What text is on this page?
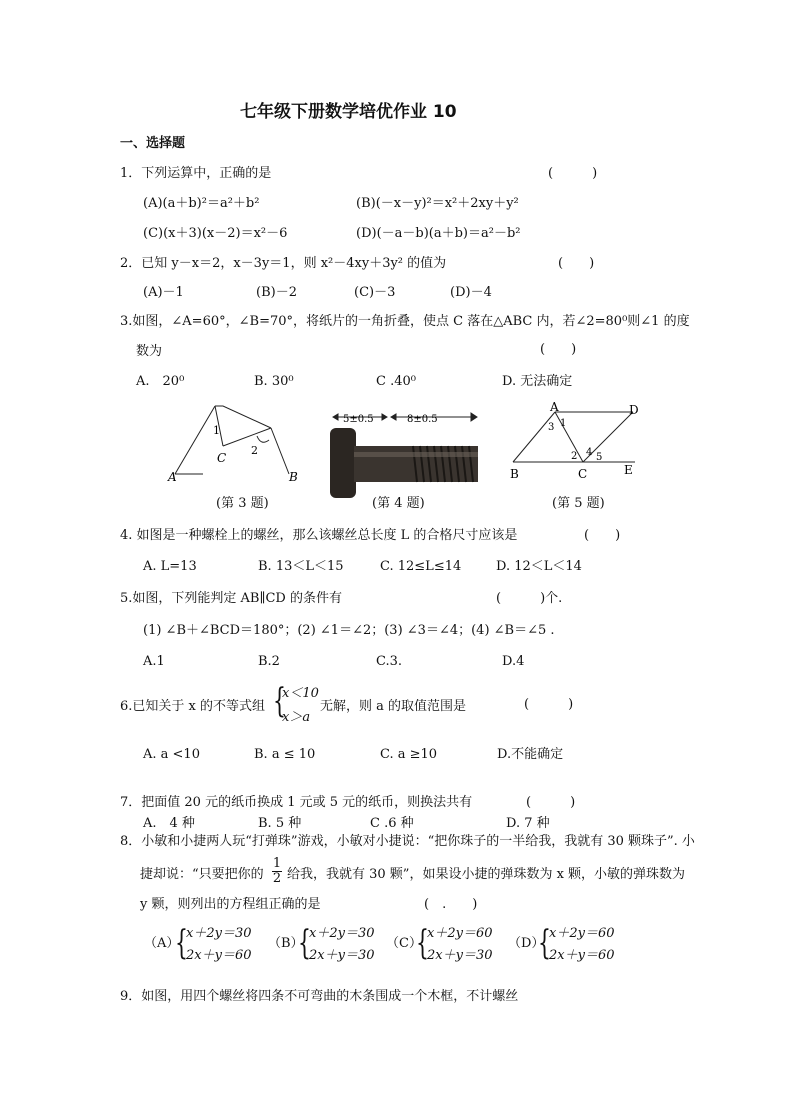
七年级下册数学培优作业 10
一、选择题
1．下列运算中，正确的是	(　　　)
(A)(a＋b)²＝a²＋b²	(B)(－x－y)²＝x²＋2xy＋y²
(C)(x＋3)(x－2)＝x²－6	(D)(－a－b)(a＋b)＝a²－b²
2．已知 y－x＝2，x－3y＝1，则 x²－4xy＋3y² 的值为	(　　)
(A)－1	(B)－2	(C)－3	(D)－4
3.如图，∠A=60°，∠B=70°，将纸片的一角折叠，使点 C 落在△ABC 内，若∠2=80⁰则∠1 的度
数为	(　　)
A.　20⁰	B. 30⁰	C .40⁰	D. 无法确定
1
C
2
A	B
5±0.5	8±0.5
A	D
B	C	E
3 1
2 4 5
(第 3 题)	(第 4 题)	(第 5 题)
4. 如图是一种螺栓上的螺丝，那么该螺丝总长度 L 的合格尺寸应该是	(　　)
A. L=13	B. 13＜L＜15	C. 12≤L≤14	D. 12＜L＜14
5.如图，下列能判定 AB∥CD 的条件有	(　　　)个.
(1) ∠B＋∠BCD＝180°；(2) ∠1＝∠2；(3) ∠3＝∠4；(4) ∠B＝∠5 .
A.1	B.2	C.3.	D.4
6.已知关于 x 的不等式组 {
x＜10
x＞a
无解，则 a 的取值范围是	(　　　)
A. a <10	B. a ≤ 10	C. a ≥10	D.不能确定
7．把面值 20 元的纸币换成 1 元或 5 元的纸币，则换法共有	(　　　)
A.　4 种	B. 5 种	C .6 种	D. 7 种
8．小敏和小捷两人玩“打弹珠”游戏，小敏对小捷说：“把你珠子的一半给我，我就有 30 颗珠子”. 小
捷却说：“只要把你的
1
2 给我，我就有 30 颗”，如果设小捷的弹珠数为 x 颗，小敏的弹珠数为
y 颗，则列出的方程组正确的是	(　.　　)
（A）
{
x＋2y＝30
2x＋y＝60
（B）
{
x＋2y＝30
2x＋y＝30
（C）
{
x＋2y＝60
2x＋y＝30
（D）
{
x＋2y＝60
2x＋y＝60
9．如图，用四个螺丝将四条不可弯曲的木条围成一个木框，不计螺丝
